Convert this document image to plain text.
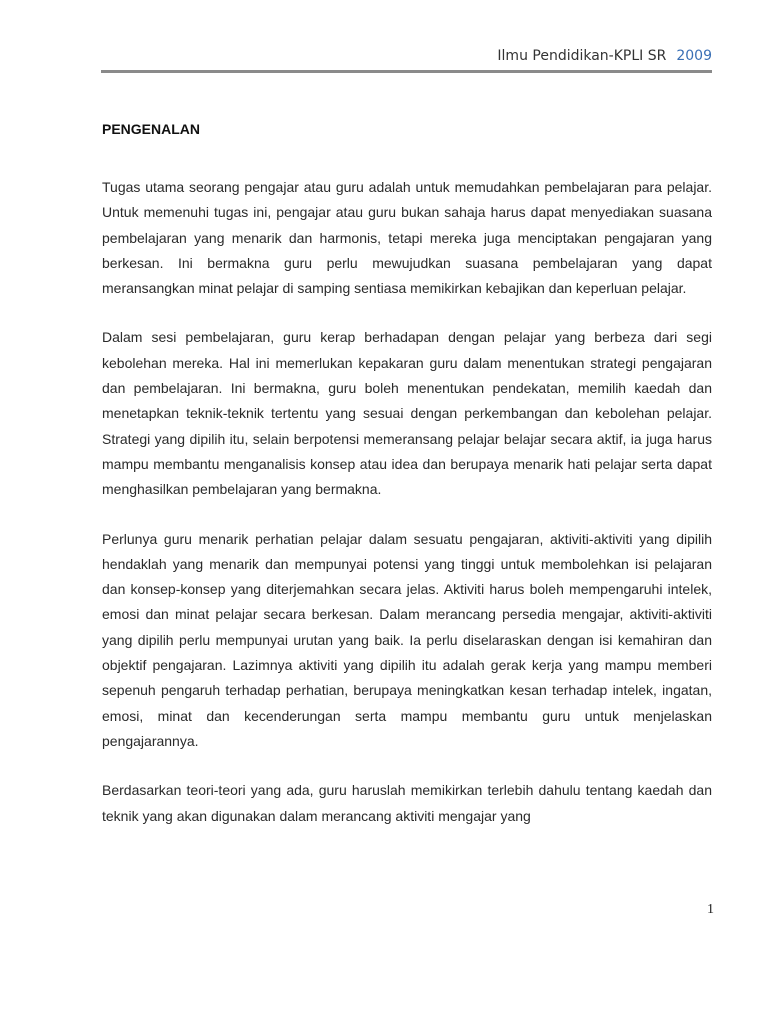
Ilmu Pendidikan-KPLI SR 2009
PENGENALAN

Tugas utama seorang pengajar atau guru adalah untuk memudahkan pembelajaran para pelajar. Untuk memenuhi tugas ini, pengajar atau guru bukan sahaja harus dapat menyediakan suasana pembelajaran yang menarik dan harmonis, tetapi mereka juga menciptakan pengajaran yang berkesan. Ini bermakna guru perlu mewujudkan suasana pembelajaran yang dapat meransangkan minat pelajar di samping sentiasa memikirkan kebajikan dan keperluan pelajar.

Dalam sesi pembelajaran, guru kerap berhadapan dengan pelajar yang berbeza dari segi kebolehan mereka. Hal ini memerlukan kepakaran guru dalam menentukan strategi pengajaran dan pembelajaran. Ini bermakna, guru boleh menentukan pendekatan, memilih kaedah dan menetapkan teknik-teknik tertentu yang sesuai dengan perkembangan dan kebolehan pelajar. Strategi yang dipilih itu, selain berpotensi memeransang pelajar belajar secara aktif, ia juga harus mampu membantu menganalisis konsep atau idea dan berupaya menarik hati pelajar serta dapat menghasilkan pembelajaran yang bermakna.

Perlunya guru menarik perhatian pelajar dalam sesuatu pengajaran, aktiviti-aktiviti yang dipilih hendaklah yang menarik dan mempunyai potensi yang tinggi untuk membolehkan isi pelajaran dan konsep-konsep yang diterjemahkan secara jelas. Aktiviti harus boleh mempengaruhi intelek, emosi dan minat pelajar secara berkesan. Dalam merancang persedia mengajar, aktiviti-aktiviti yang dipilih perlu mempunyai urutan yang baik. Ia perlu diselaraskan dengan isi kemahiran dan objektif pengajaran. Lazimnya aktiviti yang dipilih itu adalah gerak kerja yang mampu memberi sepenuh pengaruh terhadap perhatian, berupaya meningkatkan kesan terhadap intelek, ingatan, emosi, minat dan kecenderungan serta mampu membantu guru untuk menjelaskan pengajarannya.

Berdasarkan teori-teori yang ada, guru haruslah memikirkan terlebih dahulu tentang kaedah dan teknik yang akan digunakan dalam merancang aktiviti mengajar yang

1
